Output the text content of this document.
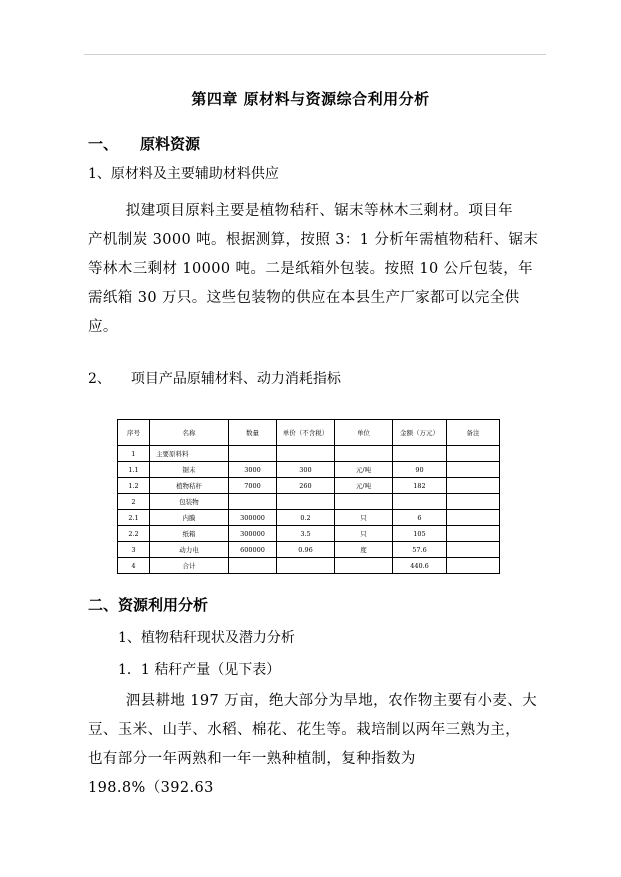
第四章 原材料与资源综合利用分析
一、 原料资源
1、原材料及主要辅助材料供应

拟建项目原料主要是植物秸秆、锯末等林木三剩材。项目年

产机制炭 3000 吨。根据测算，按照 3：1 分析年需植物秸秆、锯末

等林木三剩材 10000 吨。二是纸箱外包装。按照 10 公斤包装，年

需纸箱 30 万只。这些包装物的供应在本县生产厂家都可以完全供

应。

2、 项目产品原辅材料、动力消耗指标
序号	名称	数量	单价（不含税）	单位	金额（万元）	备注
1	主要原料料					
1.1	锯末	3000	300	元/吨	90	
1.2	植物秸秆	7000	260	元/吨	182	
2	包装物					
2.1	内膜	300000	0.2	只	6	
2.2	纸箱	300000	3.5	只	105	
3	动力电	600000	0.96	度	57.6	
4	合计				440.6	
二、资源利用分析
1、植物秸秆现状及潜力分析
1．1 秸秆产量（见下表）

泗县耕地 197 万亩，绝大部分为旱地，农作物主要有小麦、大

豆、玉米、山芋、水稻、棉花、花生等。栽培制以两年三熟为主，

也有部分一年两熟和一年一熟种植制，复种指数为 198.8%（392.63
